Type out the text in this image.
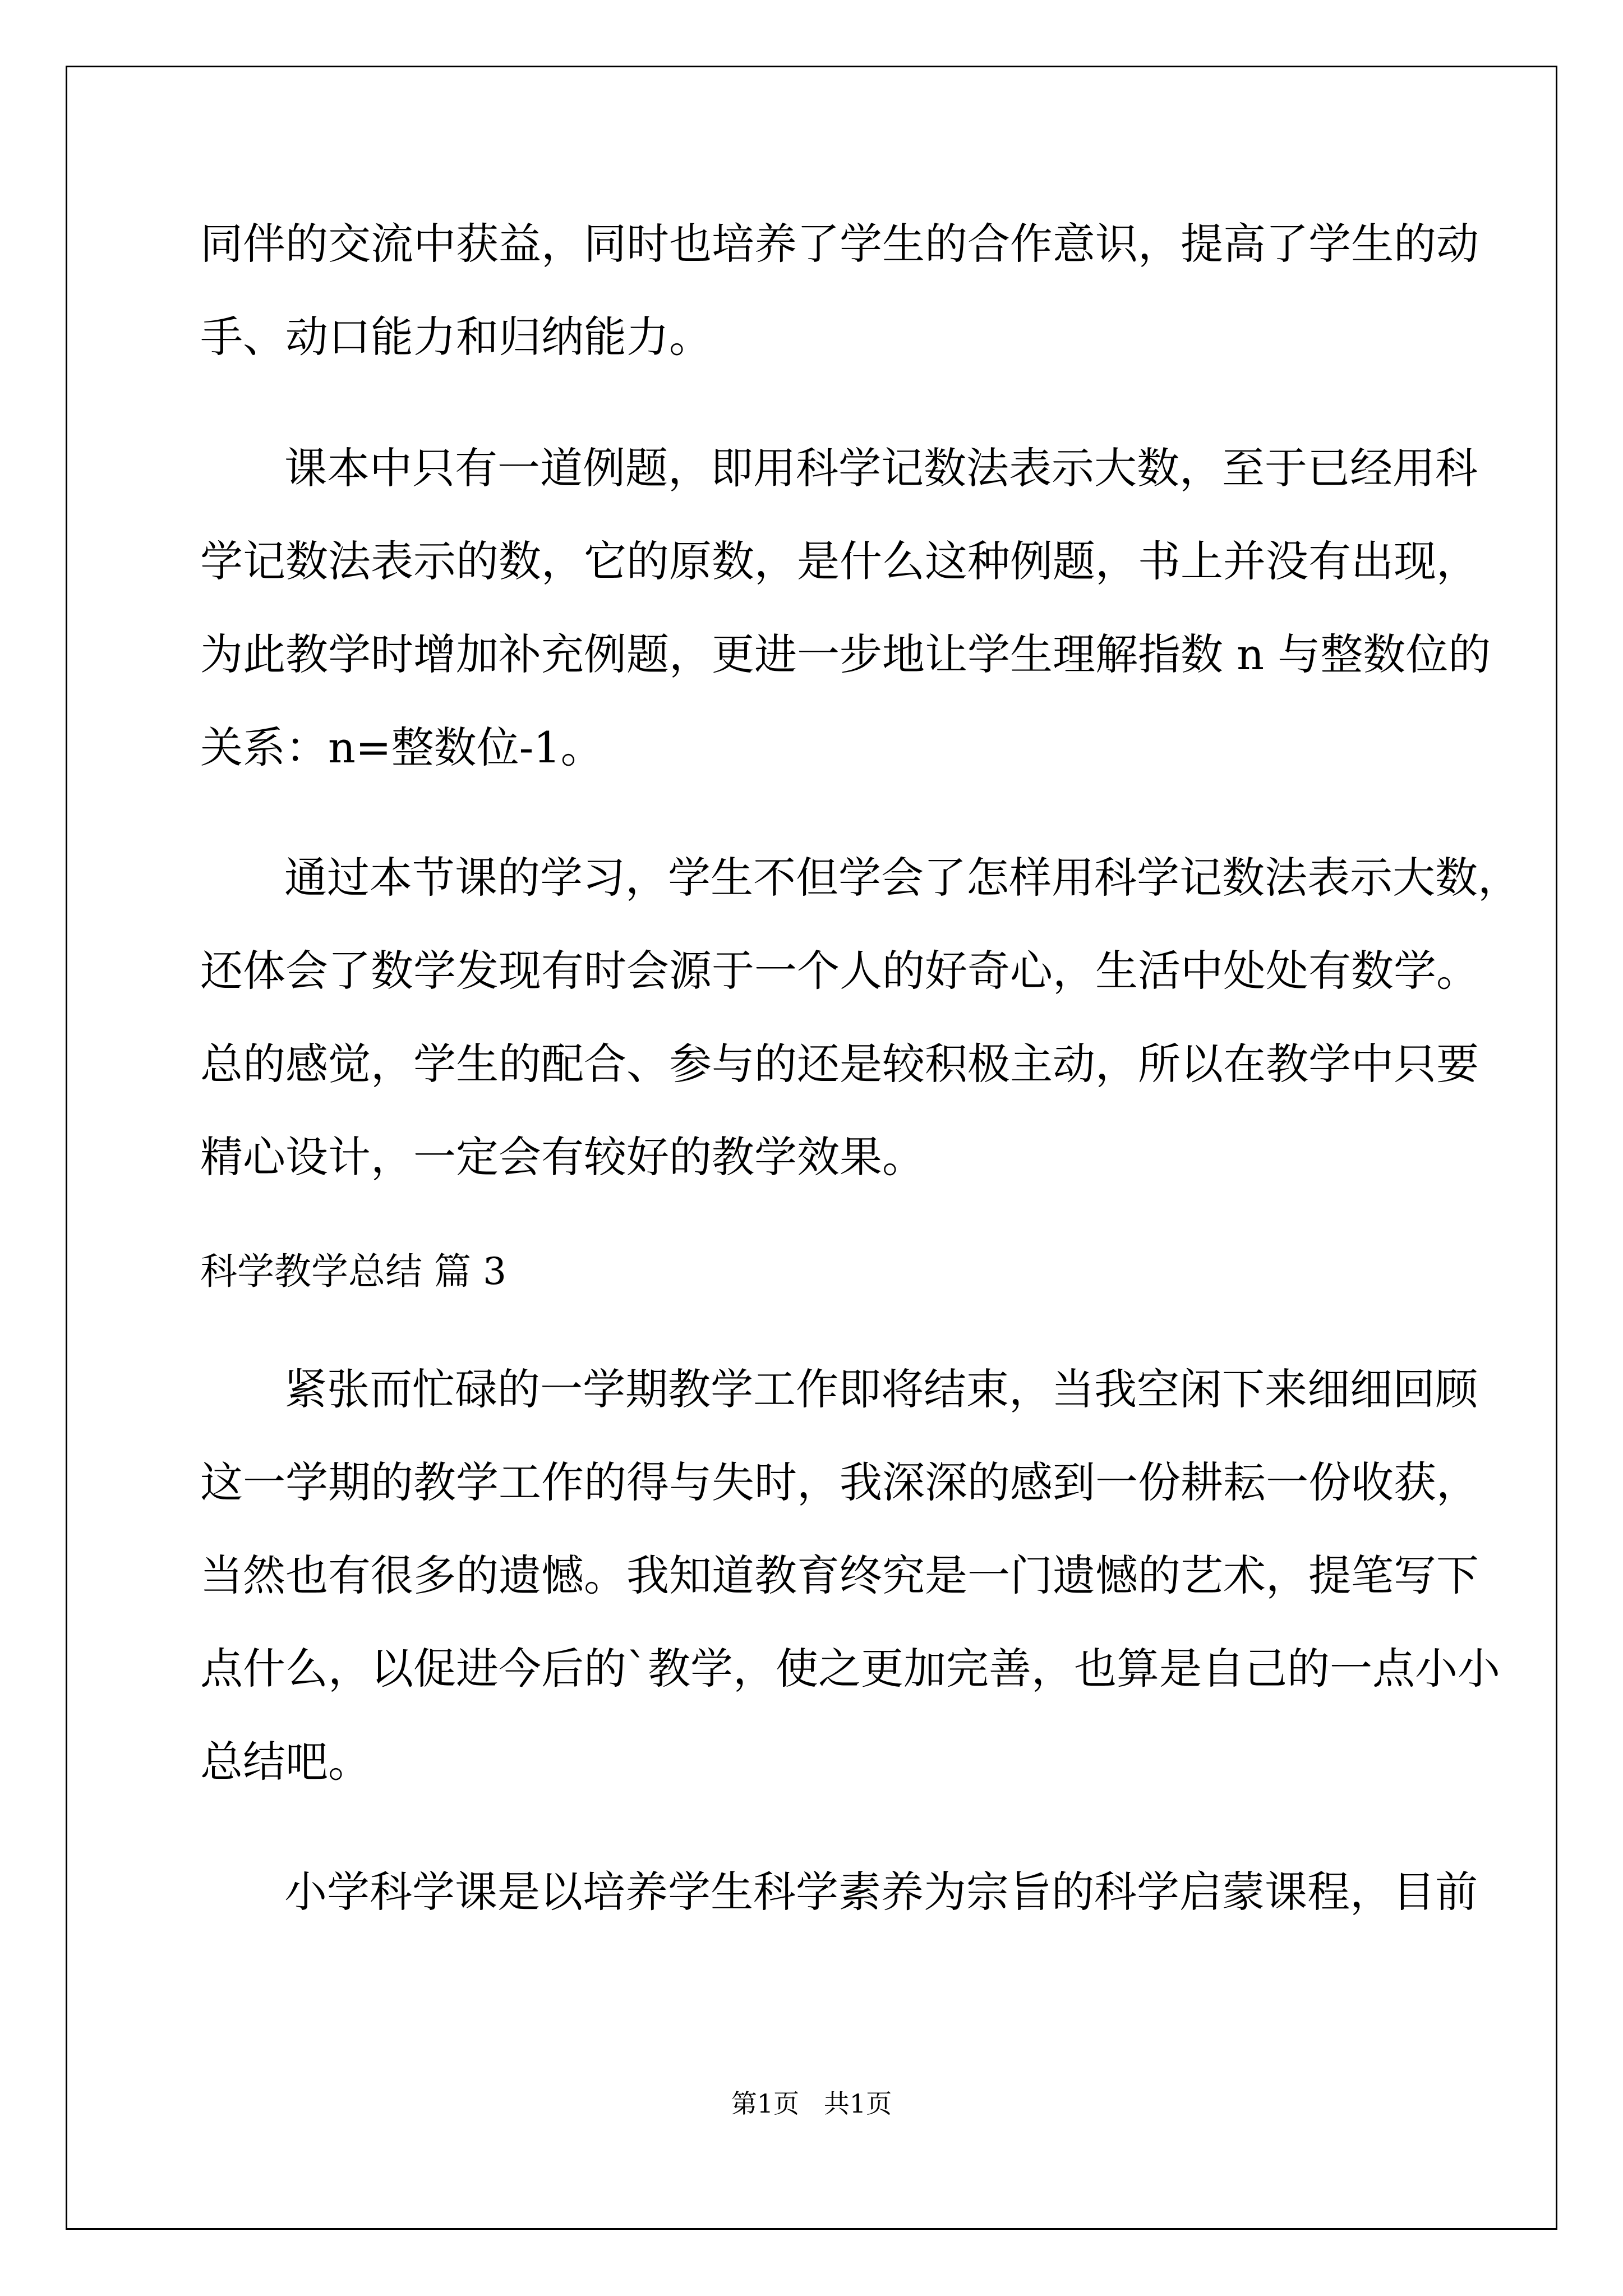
同伴的交流中获益，同时也培养了学生的合作意识，提高了学生的动
手、动口能力和归纳能力。
课本中只有一道例题，即用科学记数法表示大数，至于已经用科
学记数法表示的数，它的原数，是什么这种例题，书上并没有出现，
为此教学时增加补充例题，更进一步地让学生理解指数 n 与整数位的
关系：n=整数位-1。
通过本节课的学习，学生不但学会了怎样用科学记数法表示大数，
还体会了数学发现有时会源于一个人的好奇心，生活中处处有数学。
总的感觉，学生的配合、参与的还是较积极主动，所以在教学中只要
精心设计，一定会有较好的教学效果。
科学教学总结 篇 3
紧张而忙碌的一学期教学工作即将结束，当我空闲下来细细回顾
这一学期的教学工作的得与失时，我深深的感到一份耕耘一份收获，
当然也有很多的遗憾。我知道教育终究是一门遗憾的艺术，提笔写下
点什么，以促进今后的`教学，使之更加完善，也算是自己的一点小小
总结吧。
小学科学课是以培养学生科学素养为宗旨的科学启蒙课程，目前
第1页   共1页
